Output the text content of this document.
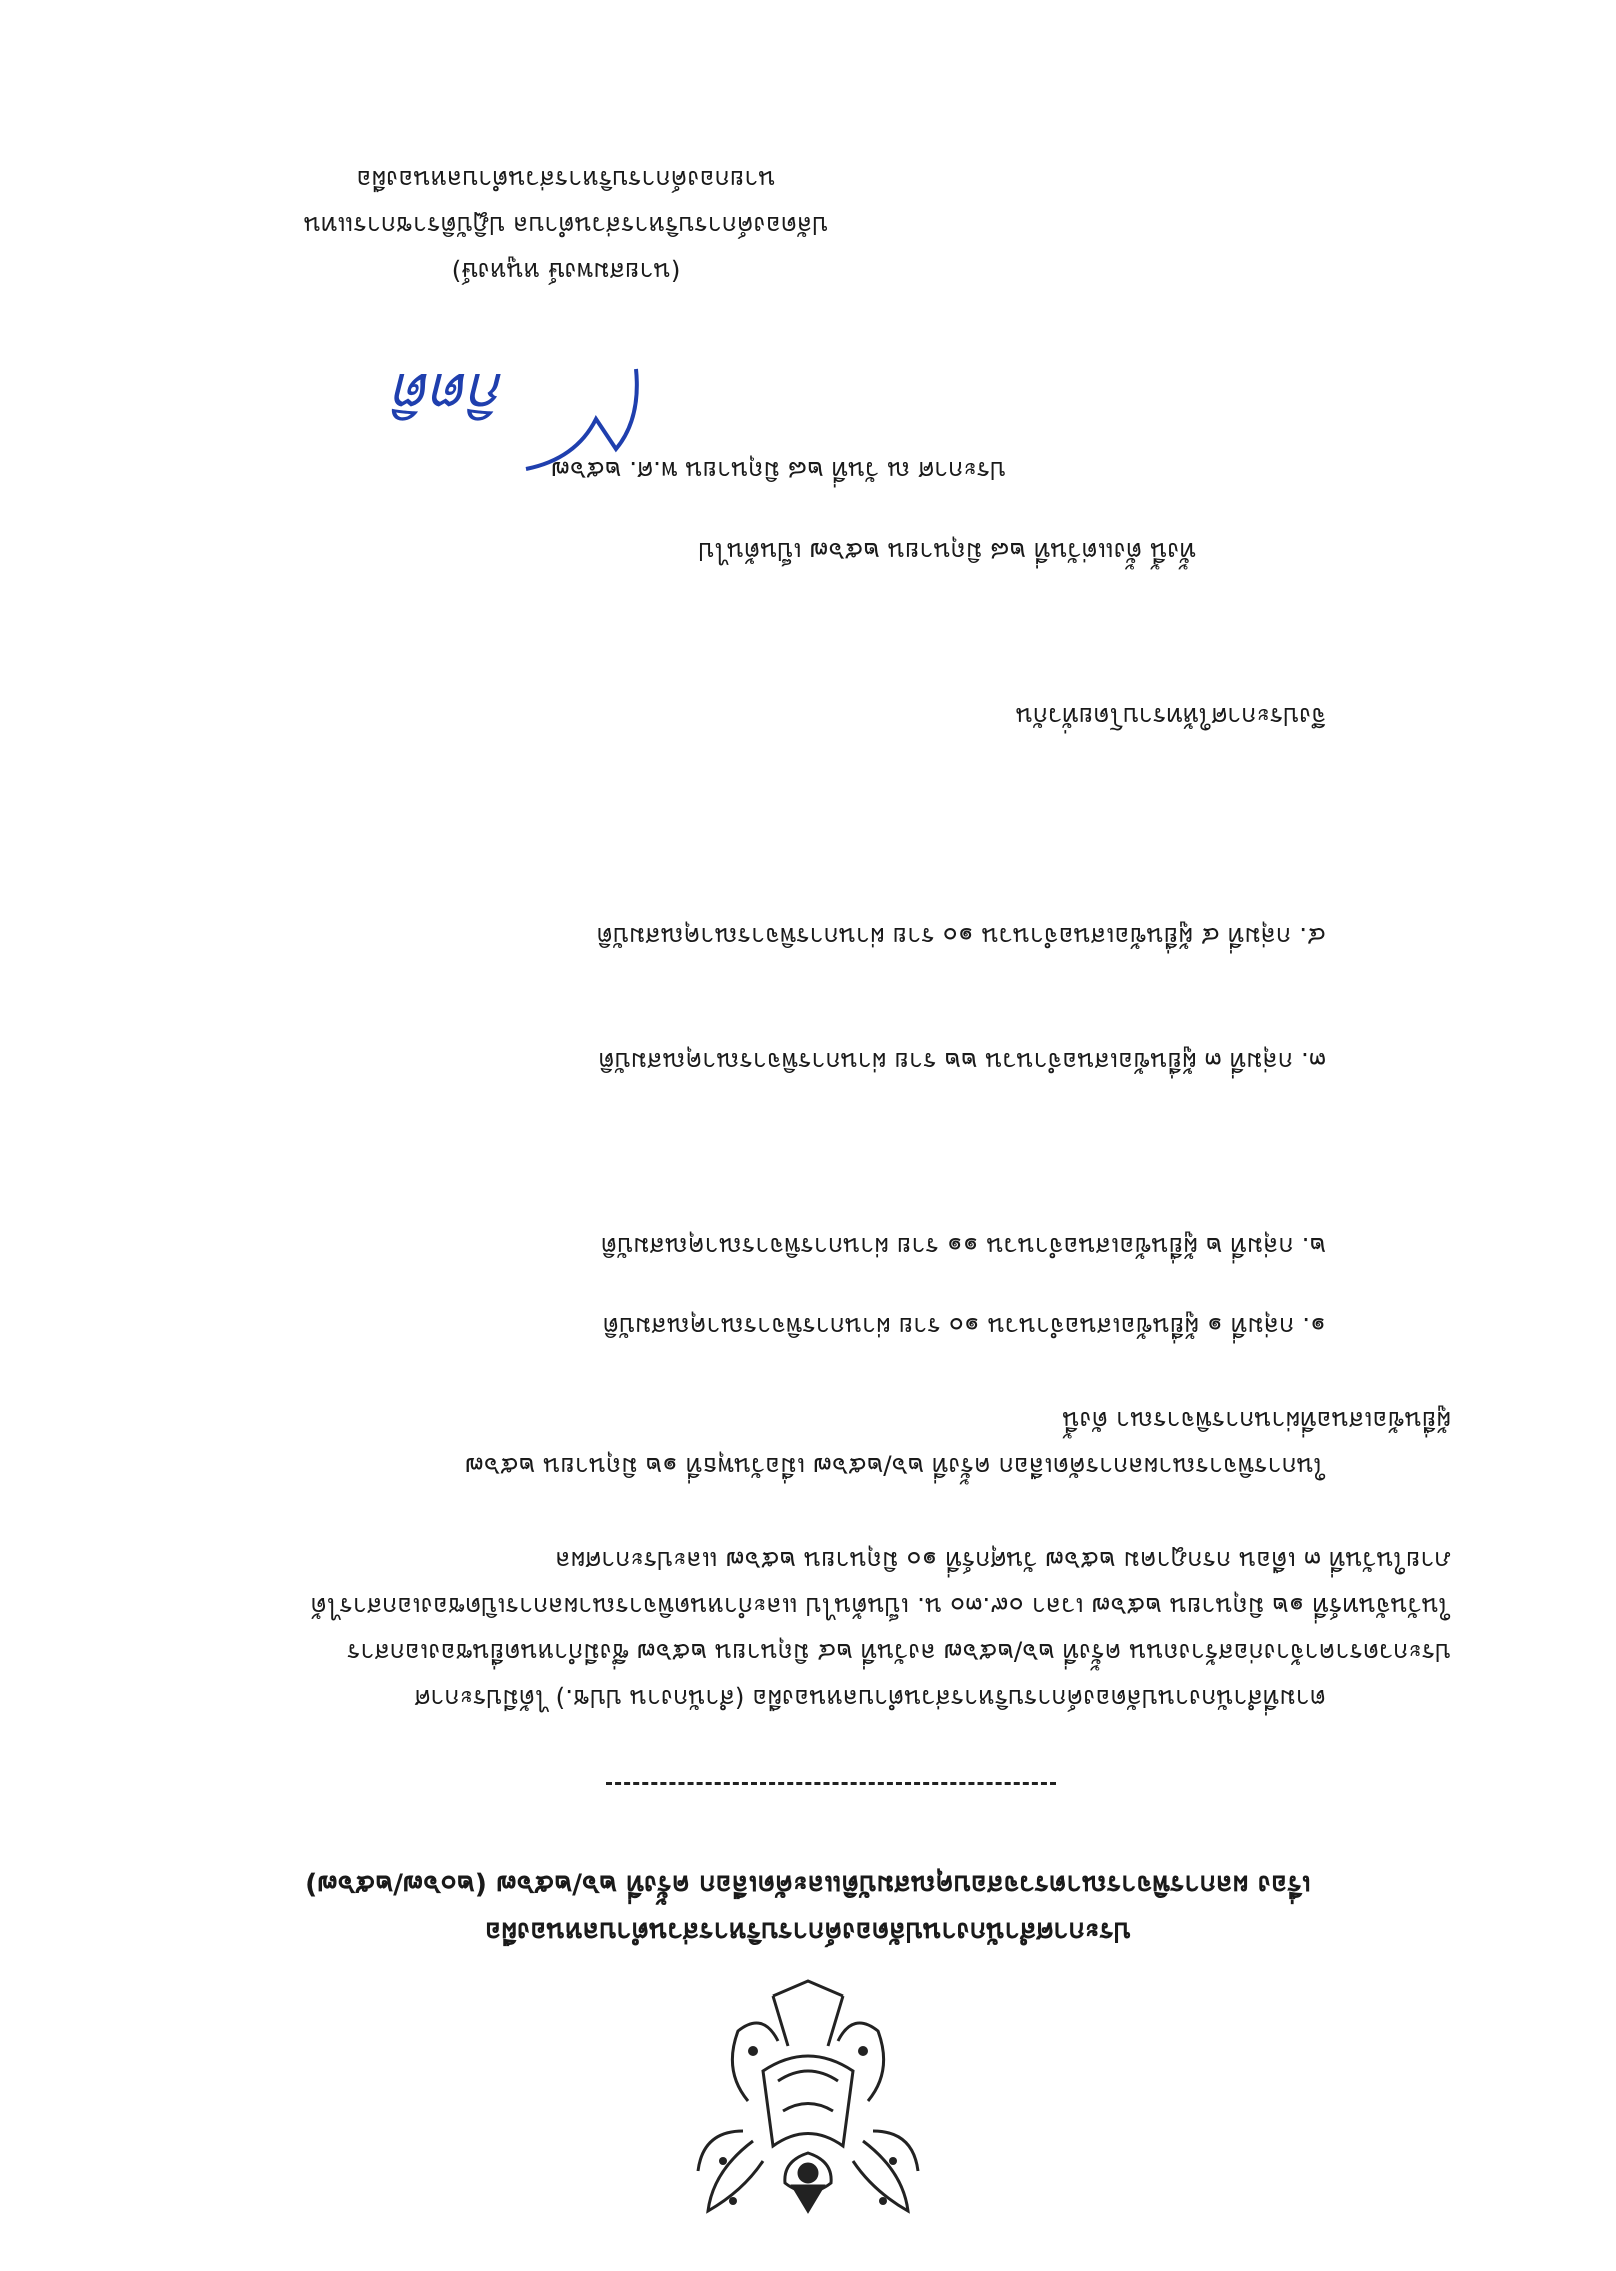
ประกาศสำนักงานปลัดองค์การบริหารส่วนตำบลหนองผือ
เรื่อง ผลการพิจารณาตรวจสอบคุณสมบัติและคัดเลือก ครั้งที่ ๒๖/๒๕๖๗ (๒๐๖๗/๒๕๖๗)
ตามที่สำนักงานปลัดองค์การบริหารส่วนตำบลหนองผือ (สำนักงาน ปปช.) ได้มีประกาศ
ประกวดราคาจ้างก่อสร้างถนน ครั้งที่ ๒๖/๒๕๖๗ ลงวันที่ ๒๔ มิถุนายน ๒๕๖๗ ซึ่งมีกำหนดยื่นซองเอกสาร
ในวันจันทร์ที่ ๑๒ มิถุนายน ๒๕๖๗ เวลา ๐๙.๓๐ น. เป็นต้นไป และกำหนดพิจารณาผลการเปิดซองเอกสารได้
ภายในวันที่ ๓ เดือน กรกฎาคม ๒๕๖๗ วันศุกร์ที่ ๑๐ มิถุนายน ๒๕๖๗ และประกาศผล
ในการพิจารณาผลการคัดเลือก ครั้งที่ ๒๖/๒๕๖๗ เมื่อวันพุธที่ ๑๒ มิถุนายน ๒๕๖๗
ผู้ยื่นข้อเสนอที่ผ่านการพิจารณา ดังนี้
๑. กลุ่มที่ ๑ ผู้ยื่นข้อเสนอจำนวน ๑๐ ราย ผ่านการพิจารณาคุณสมบัติ
๒. กลุ่มที่ ๒ ผู้ยื่นข้อเสนอจำนวน ๑๑ ราย ผ่านการพิจารณาคุณสมบัติ
๓. กลุ่มที่ ๓ ผู้ยื่นข้อเสนอจำนวน ๒๒ ราย ผ่านการพิจารณาคุณสมบัติ
๔. กลุ่มที่ ๔ ผู้ยื่นข้อเสนอจำนวน ๑๐ ราย ผ่านการพิจารณาคุณสมบัติ
จึงประกาศให้ทราบโดยทั่วกัน
ทั้งนี้ ตั้งแต่วันที่ ๒๘ มิถุนายน ๒๕๖๗ เป็นต้นไป
ประกาศ ณ วันที่ ๒๘ มิถุนายน พ.ศ. ๒๕๖๗
กิตติ
(นายสมพงษ์ หนูหงษ์)
ปลัดองค์การบริหารส่วนตำบล ปฏิบัติราชการแทน
นายกองค์การบริหารส่วนตำบลหนองผือ
